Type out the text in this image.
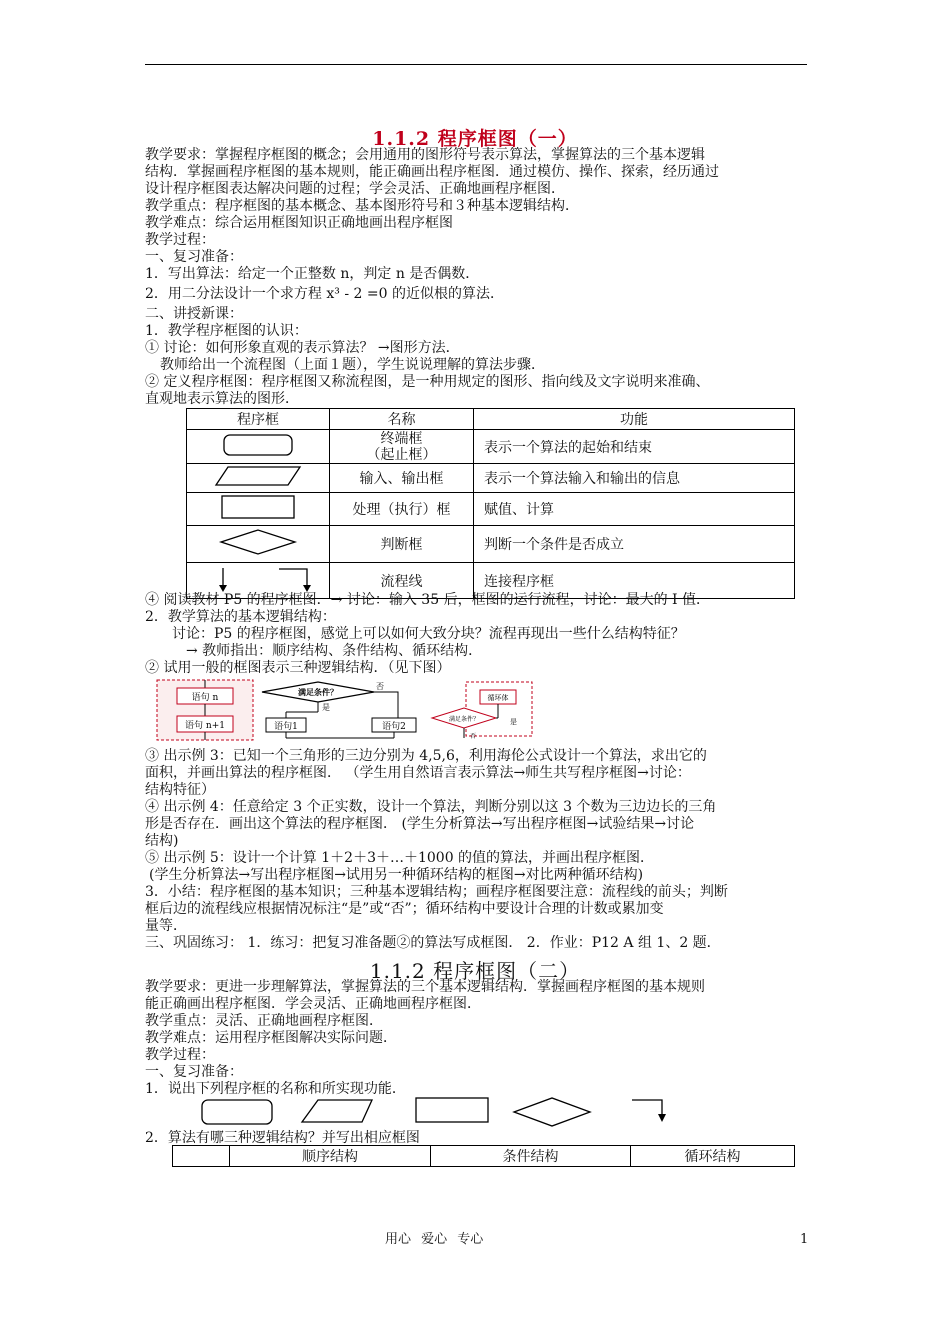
1.1.2 程序框图（一）
教学要求：掌握程序框图的概念；会用通用的图形符号表示算法，掌握算法的三个基本逻辑
结构．掌握画程序框图的基本规则，能正确画出程序框图．通过模仿、操作、探索，经历通过
设计程序框图表达解决问题的过程；学会灵活、正确地画程序框图．
教学重点：程序框图的基本概念、基本图形符号和３种基本逻辑结构．
教学难点：综合运用框图知识正确地画出程序框图
教学过程：
一、复习准备：
1．写出算法：给定一个正整数 n，判定 n 是否偶数．
2．用二分法设计一个求方程 x³ - 2 =0 的近似根的算法．
二、讲授新课：
1．教学程序框图的认识：
① 讨论：如何形象直观的表示算法？ →图形方法．
教师给出一个流程图（上面１题），学生说说理解的算法步骤．
② 定义程序框图：程序框图又称流程图，是一种用规定的图形、指向线及文字说明来准确、
直观地表示算法的图形．
程序框	名称	功能

终端框
（起止框）	表示一个算法的起始和结束
	输入、输出框	表示一个算法输入和输出的信息
	处理（执行）框	赋值、计算
	判断框	判断一个条件是否成立
	流程线	连接程序框
④ 阅读教材 P5 的程序框图．→ 讨论：输入 35 后，框图的运行流程，讨论：最大的 I 值．
2．教学算法的基本逻辑结构：
讨论：P5 的程序框图，感觉上可以如何大致分块？流程再现出一些什么结构特征？
→ 教师指出：顺序结构、条件结构、循环结构．
② 试用一般的框图表示三种逻辑结构．（见下图）
语句 n
语句 n+1
满足条件？
否
是
语句1	语句2
循环体
满足条件？	是
否
③ 出示例 3：已知一个三角形的三边分别为 4,5,6，利用海伦公式设计一个算法，求出它的
面积，并画出算法的程序框图． （学生用自然语言表示算法→师生共写程序框图→讨论：
结构特征）
④ 出示例 4：任意给定 3 个正实数，设计一个算法，判断分别以这 3 个数为三边边长的三角
形是否存在．画出这个算法的程序框图． (学生分析算法→写出程序框图→试验结果→讨论
结构)
⑤ 出示例 5：设计一个计算 1＋2＋3＋…＋1000 的值的算法，并画出程序框图．
(学生分析算法→写出程序框图→试用另一种循环结构的框图→对比两种循环结构)
3．小结：程序框图的基本知识；三种基本逻辑结构；画程序框图要注意：流程线的前头；判断
框后边的流程线应根据情况标注“是”或“否”；循环结构中要设计合理的计数或累加变
量等．
三、巩固练习： 1．练习：把复习准备题②的算法写成框图． 2．作业：P12 A 组 1、2 题．
1.1.2 程序框图（二）
教学要求：更进一步理解算法，掌握算法的三个基本逻辑结构．掌握画程序框图的基本规则
能正确画出程序框图．学会灵活、正确地画程序框图．
教学重点：灵活、正确地画程序框图．
教学难点：运用程序框图解决实际问题．
教学过程：
一、复习准备：
1．说出下列程序框的名称和所实现功能．
2．算法有哪三种逻辑结构？并写出相应框图
	顺序结构	条件结构	循环结构
用心 爱心 专心	1
